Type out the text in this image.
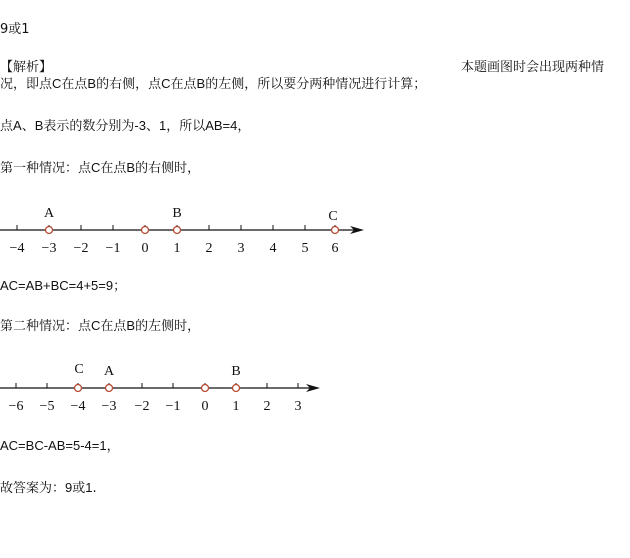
9或1
【解析】	本题画图时会出现两种情
况，即点C在点B的右侧，点C在点B的左侧，所以要分两种情况进行计算；
点A、B表示的数分别为-3、1，所以AB=4，
第一种情况：点C在点B的右侧时，
−4 −3 −2 −1 0 1 2 3 4 5 6
A	B	C
AC=AB+BC=4+5=9；
第二种情况：点C在点B的左侧时，
−6 −5 −4 −3 −2 −1 0 1 2 3
C A	B
AC=BC-AB=5-4=1，
故答案为：9或1.
